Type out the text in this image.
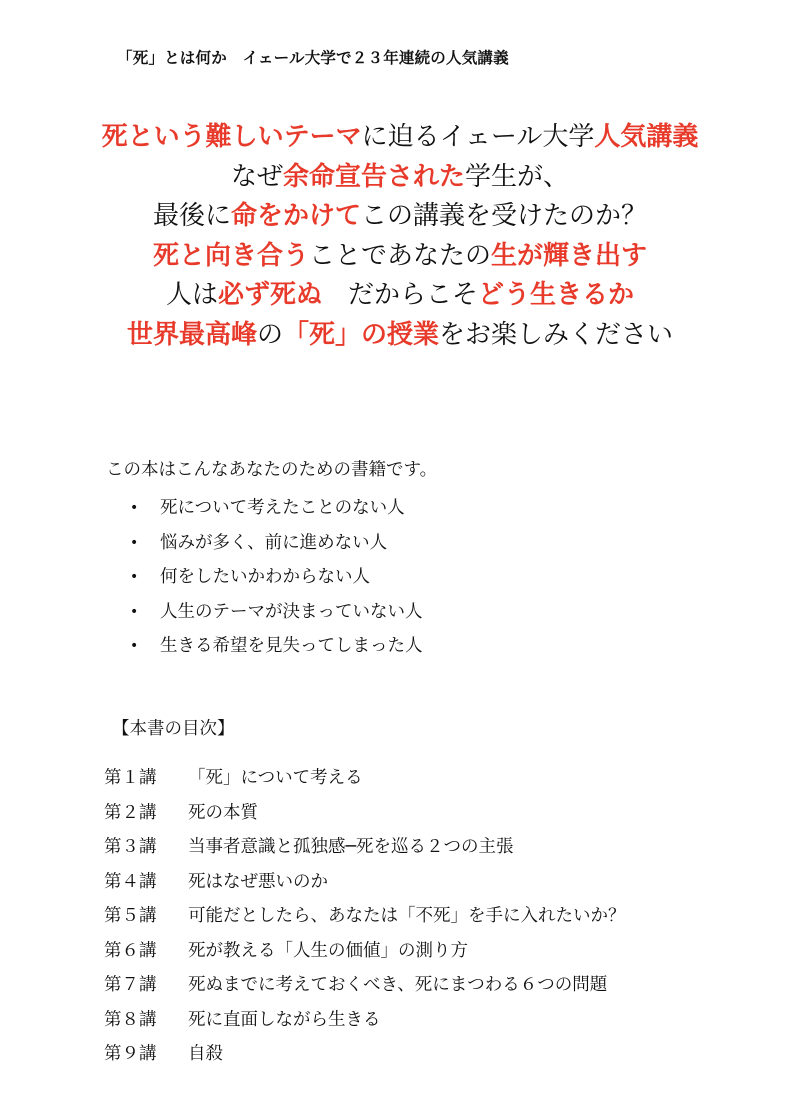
「死」とは何か　イェール大学で２３年連続の人気講義
死という難しいテーマに迫るイェール大学人気講義
なぜ余命宣告された学生が、
最後に命をかけてこの講義を受けたのか？
死と向き合うことであなたの生が輝き出す
人は必ず死ぬ　だからこそどう生きるか
世界最高峰の「死」の授業をお楽しみください

この本はこんなあなたのための書籍です。

• 死について考えたことのない人
• 悩みが多く、前に進めない人
• 何をしたいかわからない人
• 人生のテーマが決まっていない人
• 生きる希望を見失ってしまった人
【本書の目次】
第１講	「死」について考える
第２講	死の本質
第３講	当事者意識と孤独感─死を巡る２つの主張
第４講	死はなぜ悪いのか
第５講	可能だとしたら、あなたは「不死」を手に入れたいか？
第６講	死が教える「人生の価値」の測り方
第７講	死ぬまでに考えておくべき、死にまつわる６つの問題
第８講	死に直面しながら生きる
第９講	自殺
